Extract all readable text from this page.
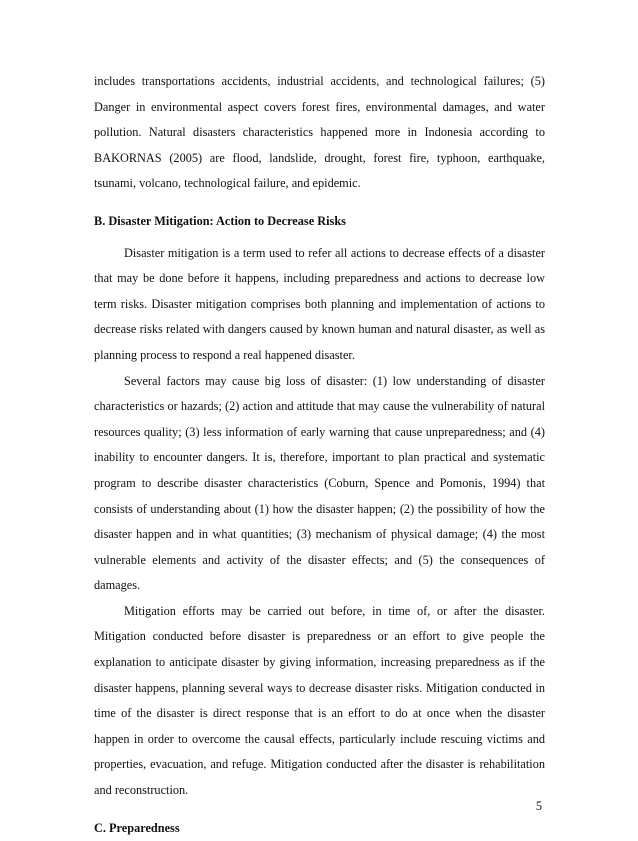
includes transportations accidents, industrial accidents, and technological failures; (5) Danger in environmental aspect covers forest fires, environmental damages, and water pollution. Natural disasters characteristics happened more in Indonesia according to BAKORNAS (2005) are flood, landslide, drought, forest fire, typhoon, earthquake, tsunami, volcano, technological failure, and epidemic.

B. Disaster Mitigation: Action to Decrease Risks

Disaster mitigation is a term used to refer all actions to decrease effects of a disaster that may be done before it happens, including preparedness and actions to decrease low term risks. Disaster mitigation comprises both planning and implementation of actions to decrease risks related with dangers caused by known human and natural disaster, as well as planning process to respond a real happened disaster.

Several factors may cause big loss of disaster: (1) low understanding of disaster characteristics or hazards; (2) action and attitude that may cause the vulnerability of natural resources quality; (3) less information of early warning that cause unpreparedness; and (4) inability to encounter dangers. It is, therefore, important to plan practical and systematic program to describe disaster characteristics (Coburn, Spence and Pomonis, 1994) that consists of understanding about (1) how the disaster happen; (2) the possibility of how the disaster happen and in what quantities; (3) mechanism of physical damage; (4) the most vulnerable elements and activity of the disaster effects; and (5) the consequences of damages.

Mitigation efforts may be carried out before, in time of, or after the disaster. Mitigation conducted before disaster is preparedness or an effort to give people the explanation to anticipate disaster by giving information, increasing preparedness as if the disaster happens, planning several ways to decrease disaster risks. Mitigation conducted in time of the disaster is direct response that is an effort to do at once when the disaster happen in order to overcome the causal effects, particularly include rescuing victims and properties, evacuation, and refuge. Mitigation conducted after the disaster is rehabilitation and reconstruction.

C. Preparedness

5
